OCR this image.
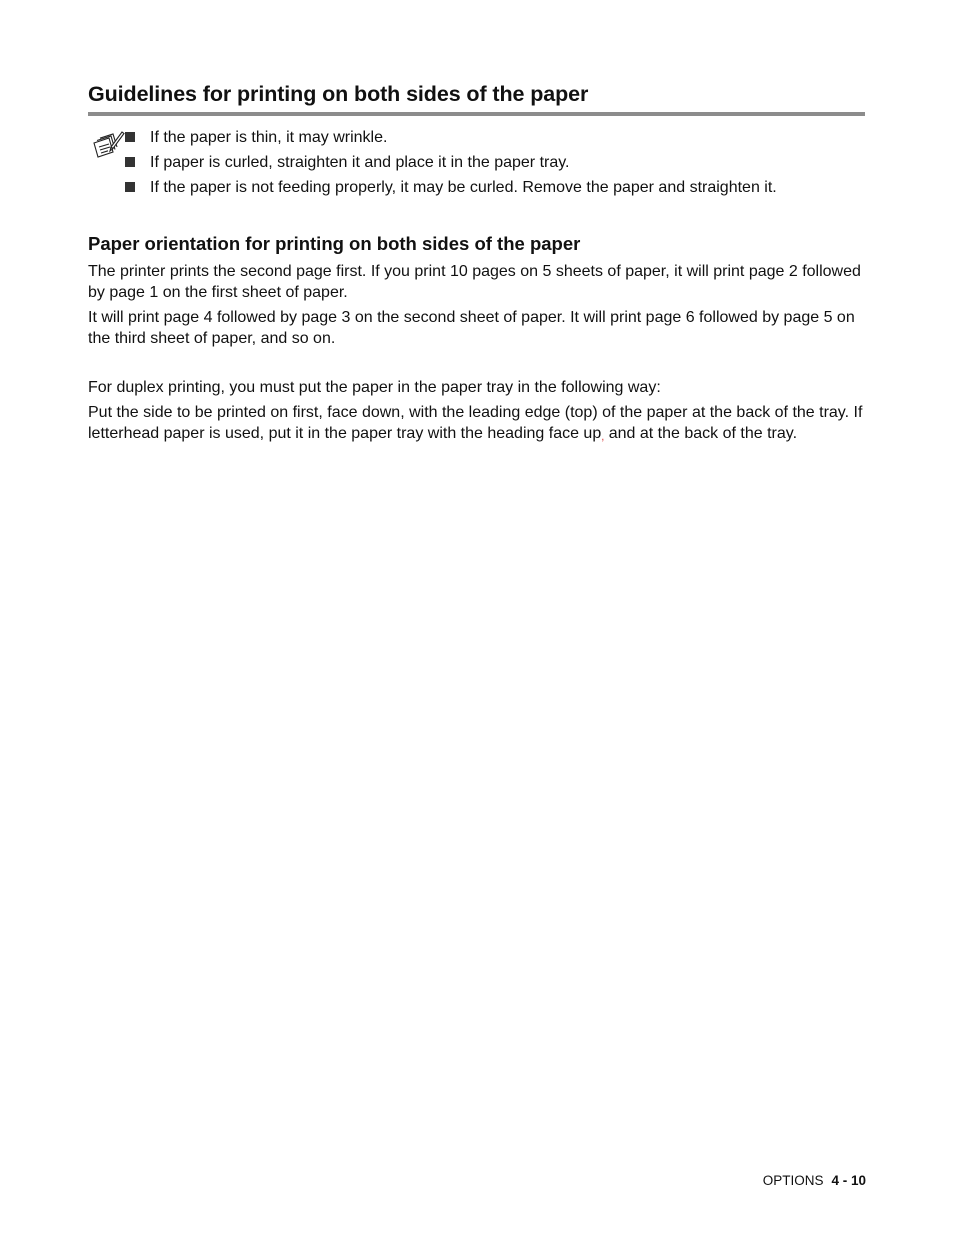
Guidelines for printing on both sides of the paper
If the paper is thin, it may wrinkle.
If paper is curled, straighten it and place it in the paper tray.
If the paper is not feeding properly, it may be curled. Remove the paper and straighten it.
Paper orientation for printing on both sides of the paper

The printer prints the second page first. If you print 10 pages on 5 sheets of paper, it will print page 2 followed by page 1 on the first sheet of paper.

It will print page 4 followed by page 3 on the second sheet of paper. It will print page 6 followed by page 5 on the third sheet of paper, and so on.

For duplex printing, you must put the paper in the paper tray in the following way:

Put the side to be printed on first, face down, with the leading edge (top) of the paper at the back of the tray. If letterhead paper is used, put it in the paper tray with the heading face up, and at the back of the tray.

OPTIONS 4 - 10
